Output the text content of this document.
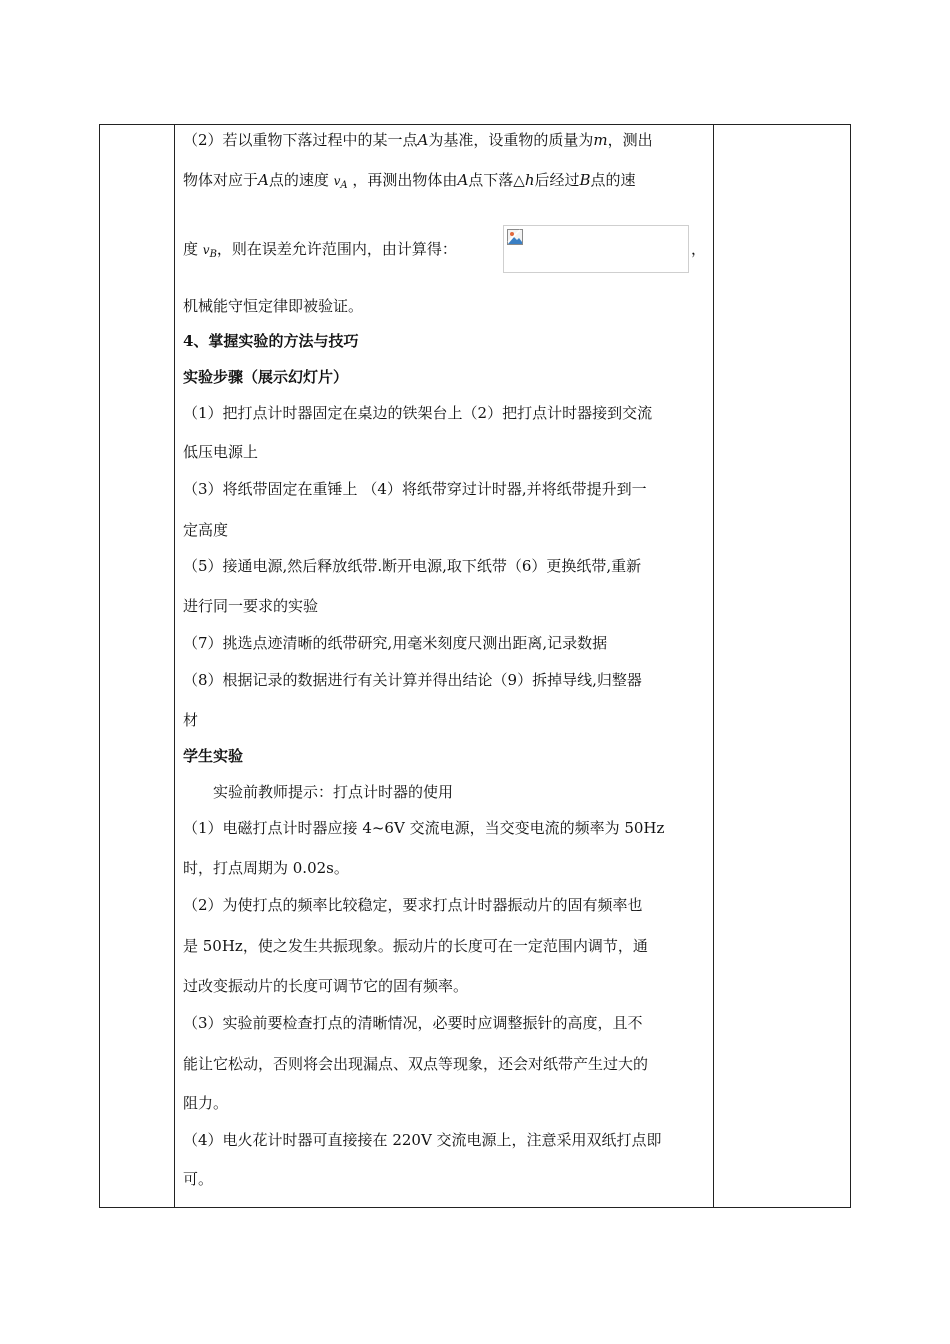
（2）若以重物下落过程中的某一点A为基准，设重物的质量为m，测出
物体对应于A点的速度 $v_A$ ，再测出物体由A点下落△h后经过B点的速
度 $v_B$，则在误差允许范围内，由计算得：	，
机械能守恒定律即被验证。
4、掌握实验的方法与技巧
实验步骤（展示幻灯片）
（1）把打点计时器固定在桌边的铁架台上（2）把打点计时器接到交流
低压电源上
（3）将纸带固定在重锤上 （4）将纸带穿过计时器,并将纸带提升到一
定高度
（5）接通电源,然后释放纸带.断开电源,取下纸带（6）更换纸带,重新
进行同一要求的实验
（7）挑选点迹清晰的纸带研究,用毫米刻度尺测出距离,记录数据
（8）根据记录的数据进行有关计算并得出结论（9）拆掉导线,归整器
材
学生实验
实验前教师提示：打点计时器的使用
（1）电磁打点计时器应接 4~6V 交流电源，当交变电流的频率为 50Hz
时，打点周期为 0.02s。
（2）为使打点的频率比较稳定，要求打点计时器振动片的固有频率也
是 50Hz，使之发生共振现象。振动片的长度可在一定范围内调节，通
过改变振动片的长度可调节它的固有频率。
（3）实验前要检查打点的清晰情况，必要时应调整振针的高度，且不
能让它松动，否则将会出现漏点、双点等现象，还会对纸带产生过大的
阻力。
（4）电火花计时器可直接接在 220V 交流电源上，注意采用双纸打点即
可。
